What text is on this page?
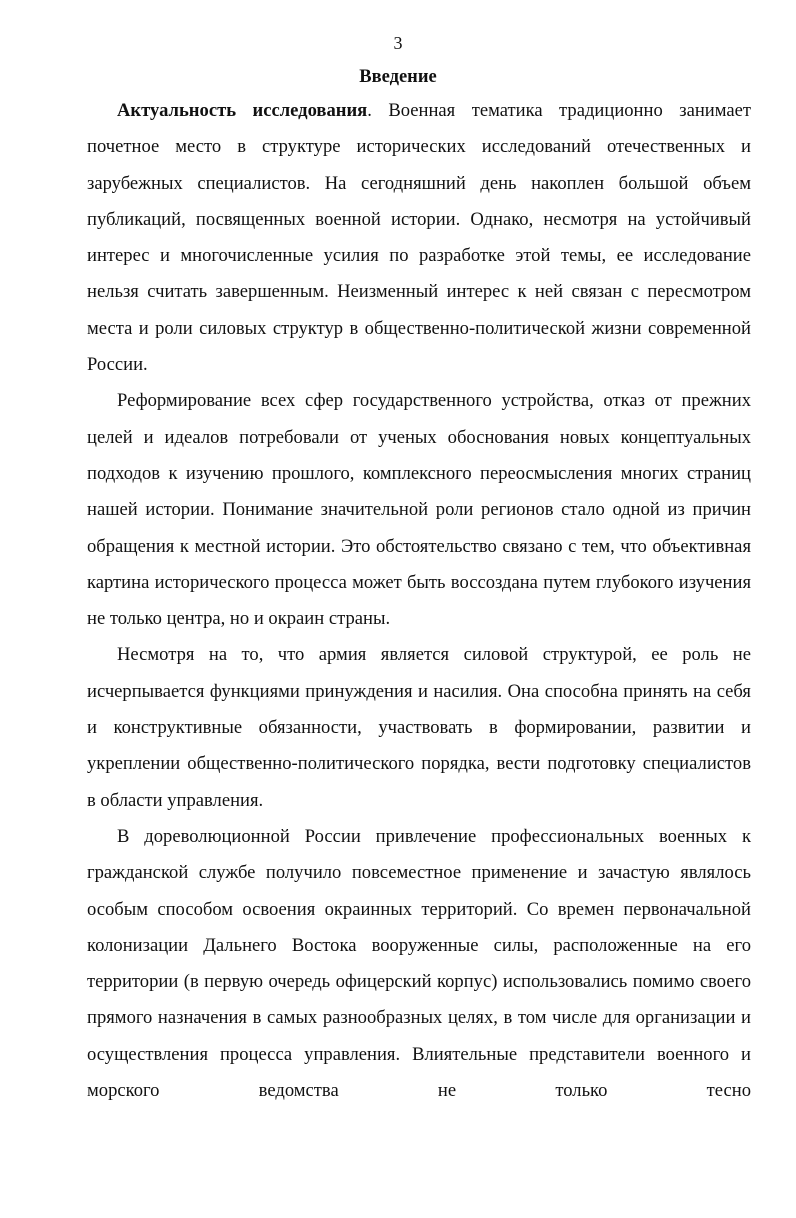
3
Введение

Актуальность исследования. Военная тематика традиционно занимает почетное место в структуре исторических исследований отечественных и зарубежных специалистов. На сегодняшний день накоплен большой объем публикаций, посвященных военной истории. Однако, несмотря на устойчивый интерес и многочисленные усилия по разработке этой темы, ее исследование нельзя считать завершенным. Неизменный интерес к ней связан с пересмотром места и роли силовых структур в общественно-политической жизни современной России.

Реформирование всех сфер государственного устройства, отказ от прежних целей и идеалов потребовали от ученых обоснования новых концептуальных подходов к изучению прошлого, комплексного переосмысления многих страниц нашей истории. Понимание значительной роли регионов стало одной из причин обращения к местной истории. Это обстоятельство связано с тем, что объективная картина исторического процесса может быть воссоздана путем глубокого изучения не только центра, но и окраин страны.

Несмотря на то, что армия является силовой структурой, ее роль не исчерпывается функциями принуждения и насилия. Она способна принять на себя и конструктивные обязанности, участвовать в формировании, развитии и укреплении общественно-политического порядка, вести подготовку специалистов в области управления.

В дореволюционной России привлечение профессиональных военных к гражданской службе получило повсеместное применение и зачастую являлось особым способом освоения окраинных территорий. Со времен первоначальной колонизации Дальнего Востока вооруженные силы, расположенные на его территории (в первую очередь офицерский корпус) использовались помимо своего прямого назначения в самых разнообразных целях, в том числе для организации и осуществления процесса управления. Влиятельные представители военного и морского ведомства не только тесно
